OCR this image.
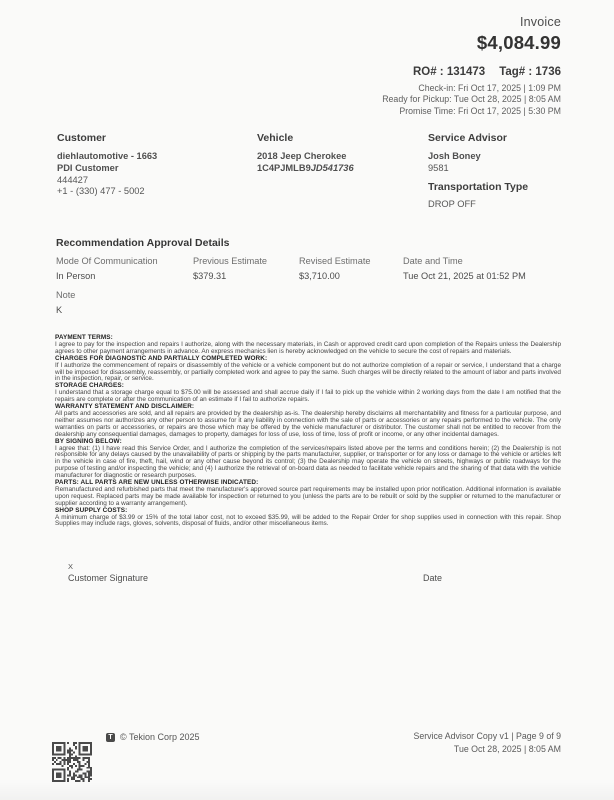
Invoice
$4,084.99
RO# : 131473 Tag# : 1736
Check-in: Fri Oct 17, 2025 | 1:09 PM
Ready for Pickup: Tue Oct 28, 2025 | 8:05 AM
Promise Time: Fri Oct 17, 2025 | 5:30 PM
Customer
diehlautomotive - 1663
PDI Customer
444427
+1 - (330) 477 - 5002
Vehicle
2018 Jeep Cherokee
1C4PJMLB9JD541736
Service Advisor
Josh Boney
9581
Transportation Type
DROP OFF
Recommendation Approval Details
Mode Of Communication
In Person
Previous Estimate
$379.31
Revised Estimate
$3,710.00
Date and Time
Tue Oct 21, 2025 at 01:52 PM
Note
K

PAYMENT TERMS:
I agree to pay for the inspection and repairs I authorize, along with the necessary materials, in Cash or approved credit card upon completion of the Repairs unless the Dealership agrees to other payment arrangements in advance. An express mechanics lien is hereby acknowledged on the vehicle to secure the cost of repairs and materials.

CHARGES FOR DIAGNOSTIC AND PARTIALLY COMPLETED WORK:
If I authorize the commencement of repairs or disassembly of the vehicle or a vehicle component but do not authorize completion of a repair or service, I understand that a charge will be imposed for disassembly, reassembly, or partially completed work and agree to pay the same. Such charges will be directly related to the amount of labor and parts involved in the inspection, repair, or service.

STORAGE CHARGES:
I understand that a storage charge equal to $75.00 will be assessed and shall accrue daily if I fail to pick up the vehicle within 2 working days from the date I am notified that the repairs are complete or after the communication of an estimate if I fail to authorize repairs.

WARRANTY STATEMENT AND DISCLAIMER:
All parts and accessories are sold, and all repairs are provided by the dealership as-is. The dealership hereby disclaims all merchantability and fitness for a particular purpose, and neither assumes nor authorizes any other person to assume for it any liability in connection with the sale of parts or accessories or any repairs performed to the vehicle. The only warranties on parts or accessories, or repairs are those which may be offered by the vehicle manufacturer or distributor. The customer shall not be entitled to recover from the dealership any consequential damages, damages to property, damages for loss of use, loss of time, loss of profit or income, or any other incidental damages.

BY SIGNING BELOW:
I agree that: (1) I have read this Service Order, and I authorize the completion of the services/repairs listed above per the terms and conditions herein; (2) the Dealership is not responsible for any delays caused by the unavailability of parts or shipping by the parts manufacturer, supplier, or transporter or for any loss or damage to the vehicle or articles left in the vehicle in case of fire, theft, hail, wind or any other cause beyond its control; (3) the Dealership may operate the vehicle on streets, highways or public roadways for the purpose of testing and/or inspecting the vehicle; and (4) I authorize the retrieval of on-board data as needed to facilitate vehicle repairs and the sharing of that data with the vehicle manufacturer for diagnostic or research purposes.

PARTS: ALL PARTS ARE NEW UNLESS OTHERWISE INDICATED:
Remanufactured and refurbished parts that meet the manufacturer's approved source part requirements may be installed upon prior notification. Additional information is available upon request. Replaced parts may be made available for inspection or returned to you (unless the parts are to be rebuilt or sold by the supplier or returned to the manufacturer or supplier according to a warranty arrangement).

SHOP SUPPLY COSTS:
A minimum charge of $3.99 or 15% of the total labor cost, not to exceed $35.99, will be added to the Repair Order for shop supplies used in connection with this repair. Shop Supplies may include rags, gloves, solvents, disposal of fluids, and/or other miscellaneous items.

X
Customer Signature	Date
T © Tekion Corp 2025	Service Advisor Copy v1 | Page 9 of 9
Tue Oct 28, 2025 | 8:05 AM
